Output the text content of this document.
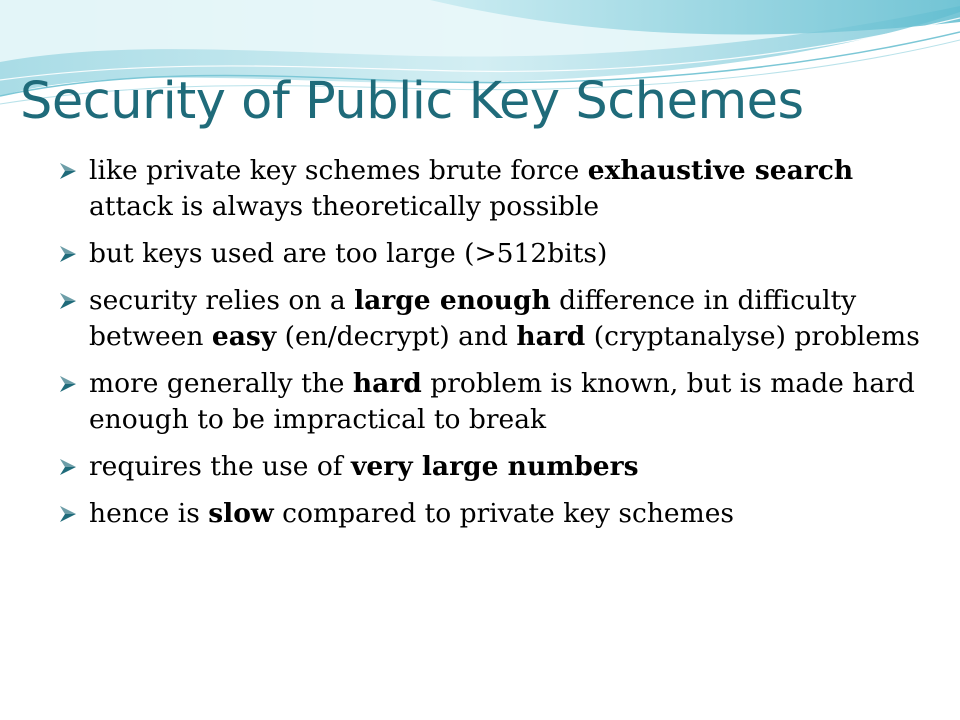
Security of Public Key Schemes
like private key schemes brute force exhaustive search attack is always theoretically possible
but keys used are too large (>512bits)
security relies on a large enough difference in difficulty between easy (en/decrypt) and hard (cryptanalyse) problems
more generally the hard problem is known, but is made hard enough to be impractical to break
requires the use of very large numbers
hence is slow compared to private key schemes
